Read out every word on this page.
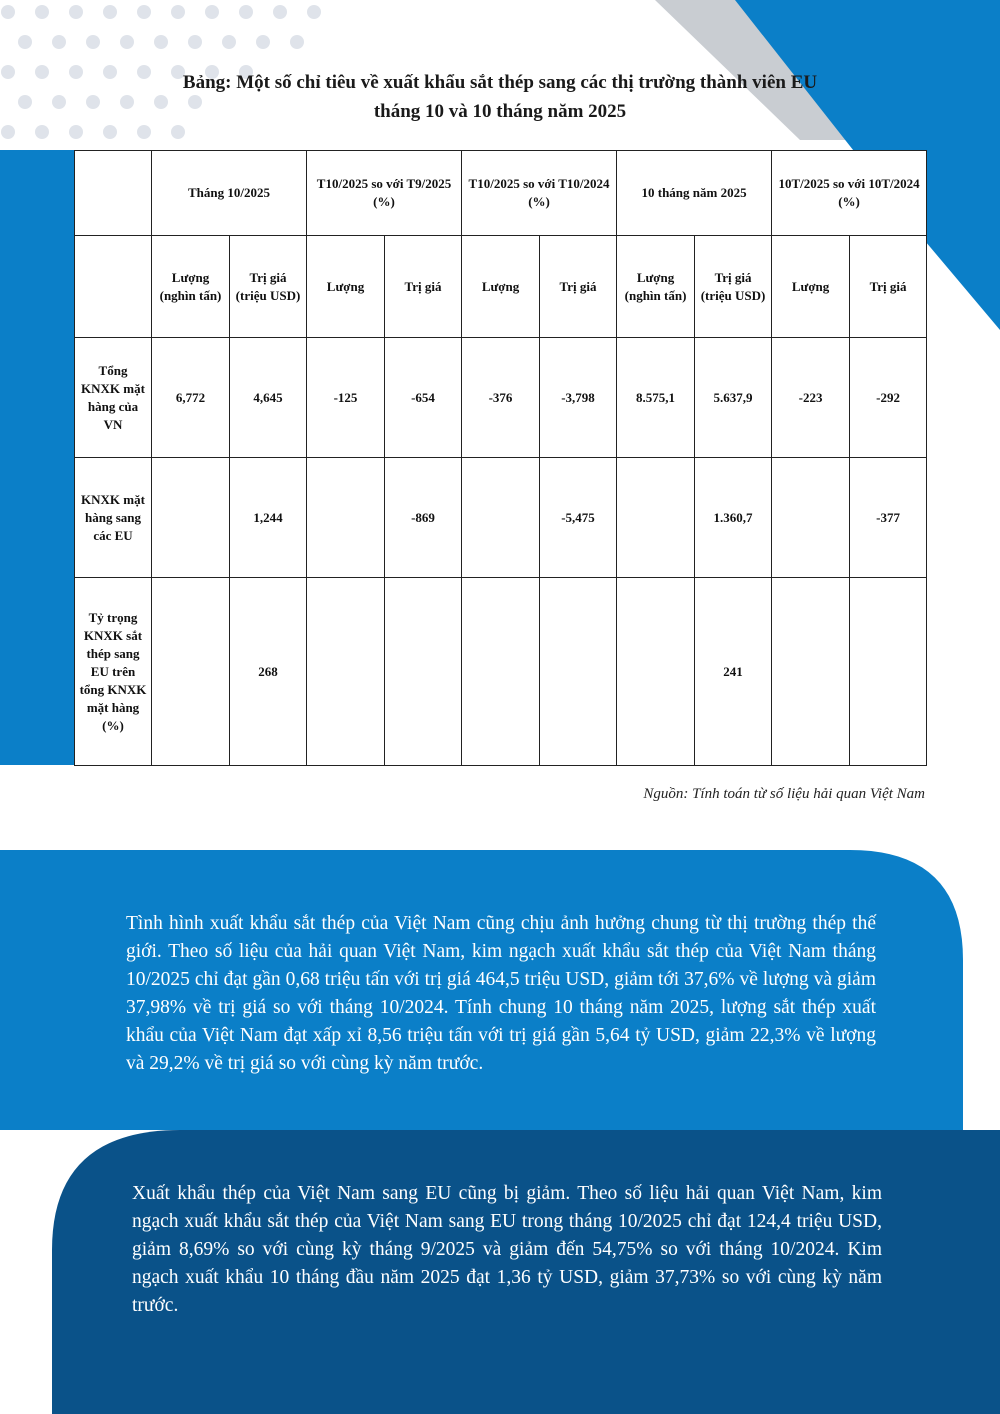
Bảng: Một số chỉ tiêu về xuất khẩu sắt thép sang các thị trường thành viên EU
tháng 10 và 10 tháng năm 2025
	Tháng 10/2025		T10/2025 so với T9/2025 (%)		T10/2025 so với T10/2024 (%)		10 tháng năm 2025		10T/2025 so với 10T/2024 (%)	
	Lượng (nghìn tấn)	Trị giá (triệu USD)	Lượng	Trị giá	Lượng	Trị giá	Lượng (nghìn tấn)	Trị giá (triệu USD)	Lượng	Trị giá
Tổng KNXK mặt hàng của VN	6,772	4,645	-125	-654	-376	-3,798	8.575,1	5.637,9	-223	-292
KNXK mặt hàng sang các EU		1,244		-869		-5,475		1.360,7		-377
Tỷ trọng KNXK sắt thép sang EU trên tổng KNXK mặt hàng (%)		268						241		
Nguồn: Tính toán từ số liệu hải quan Việt Nam
Tình hình xuất khẩu sắt thép của Việt Nam cũng chịu ảnh hưởng chung từ thị trường thép thế giới. Theo số liệu của hải quan Việt Nam, kim ngạch xuất khẩu sắt thép của Việt Nam tháng 10/2025 chỉ đạt gần 0,68 triệu tấn với trị giá 464,5 triệu USD, giảm tới 37,6% về lượng và giảm 37,98% về trị giá so với tháng 10/2024. Tính chung 10 tháng năm 2025, lượng sắt thép xuất khẩu của Việt Nam đạt xấp xỉ 8,56 triệu tấn với trị giá gần 5,64 tỷ USD, giảm 22,3% về lượng và 29,2% về trị giá so với cùng kỳ năm trước.
Xuất khẩu thép của Việt Nam sang EU cũng bị giảm. Theo số liệu hải quan Việt Nam, kim ngạch xuất khẩu sắt thép của Việt Nam sang EU trong tháng 10/2025 chỉ đạt 124,4 triệu USD, giảm 8,69% so với cùng kỳ tháng 9/2025 và giảm đến 54,75% so với tháng 10/2024. Kim ngạch xuất khẩu 10 tháng đầu năm 2025 đạt 1,36 tỷ USD, giảm 37,73% so với cùng kỳ năm trước.
